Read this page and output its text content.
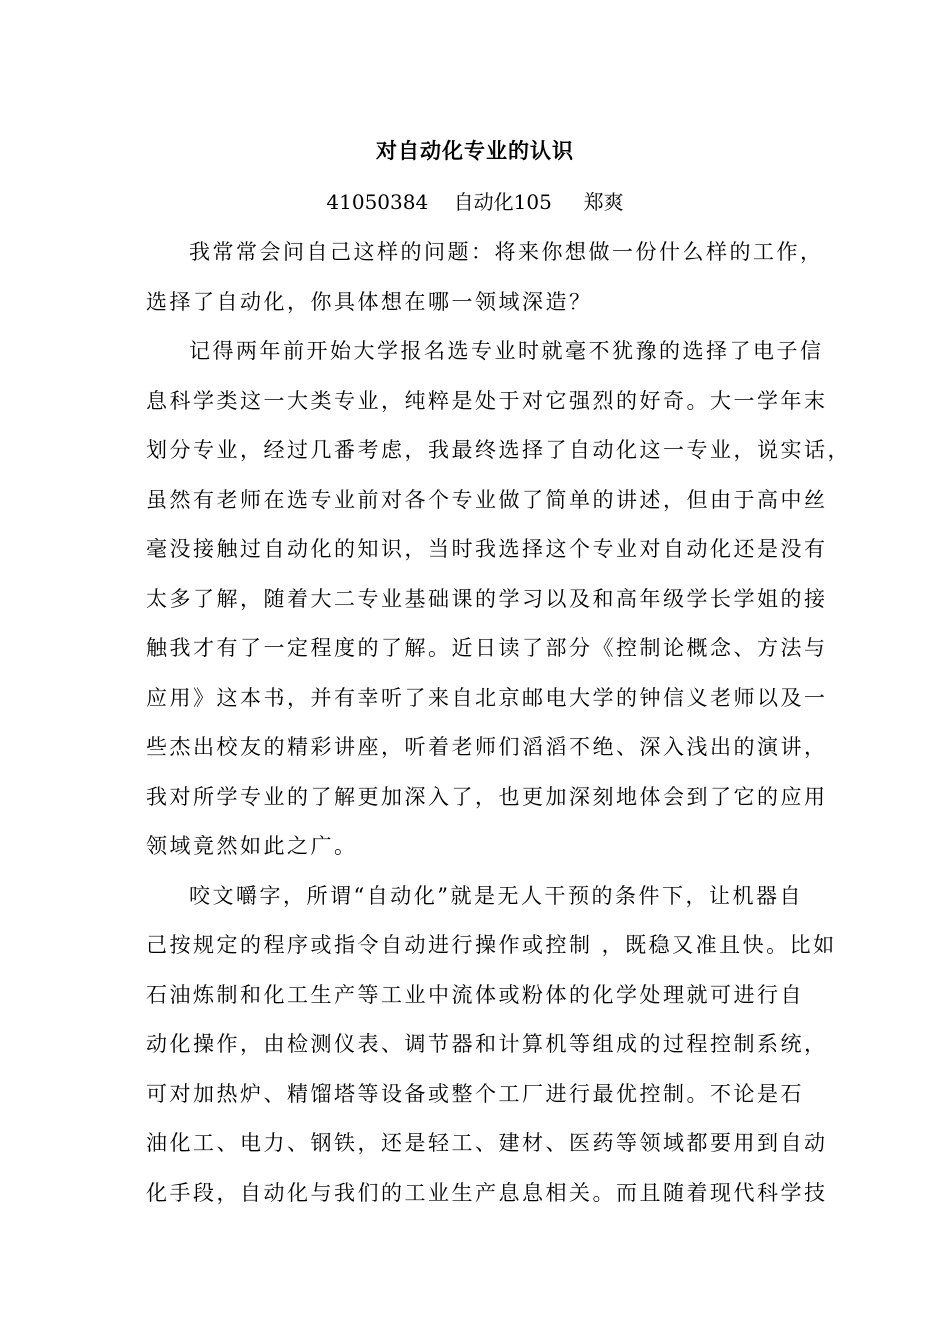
对自动化专业的认识
41050384    自动化105     郑爽
我常常会问自己这样的问题：将来你想做一份什么样的工作，
选择了自动化，你具体想在哪一领域深造？
记得两年前开始大学报名选专业时就毫不犹豫的选择了电子信
息科学类这一大类专业，纯粹是处于对它强烈的好奇。大一学年末
划分专业，经过几番考虑，我最终选择了自动化这一专业，说实话，
虽然有老师在选专业前对各个专业做了简单的讲述，但由于高中丝
毫没接触过自动化的知识，当时我选择这个专业对自动化还是没有
太多了解，随着大二专业基础课的学习以及和高年级学长学姐的接
触我才有了一定程度的了解。近日读了部分《控制论概念、方法与
应用》这本书，并有幸听了来自北京邮电大学的钟信义老师以及一
些杰出校友的精彩讲座，听着老师们滔滔不绝、深入浅出的演讲，
我对所学专业的了解更加深入了，也更加深刻地体会到了它的应用
领域竟然如此之广。
咬文嚼字，所谓“自动化”就是无人干预的条件下，让机器自
己按规定的程序或指令自动进行操作或控制 ，既稳又准且快。比如
石油炼制和化工生产等工业中流体或粉体的化学处理就可进行自
动化操作，由检测仪表、调节器和计算机等组成的过程控制系统，
可对加热炉、精馏塔等设备或整个工厂进行最优控制。不论是石
油化工、电力、钢铁，还是轻工、建材、医药等领域都要用到自动
化手段，自动化与我们的工业生产息息相关。而且随着现代科学技
